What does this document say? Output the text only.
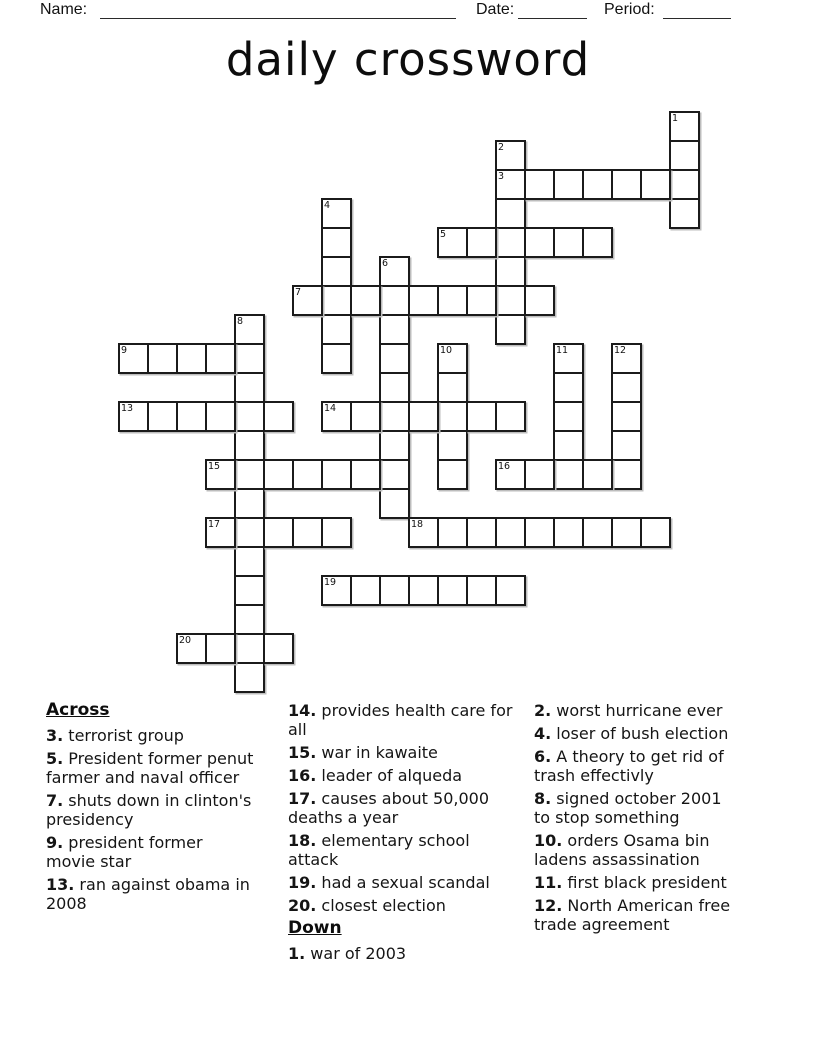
Name:	Date:	Period:
daily crossword
1
2
3
4
5
6
7
8
9	10	11	12
13	14
15	16
17	18
19
20
Across
3. terrorist group
5. President former penut farmer and naval officer
7. shuts down in clinton's presidency
9. president former movie star
13. ran against obama in 2008
14. provides health care for all
15. war in kawaite
16. leader of alqueda
17. causes about 50,000 deaths a year
18. elementary school attack
19. had a sexual scandal
20. closest election
Down
1. war of 2003
2. worst hurricane ever
4. loser of bush election
6. A theory to get rid of trash effectivly
8. signed october 2001 to stop something
10. orders Osama bin ladens assassination
11. first black president
12. North American free trade agreement
